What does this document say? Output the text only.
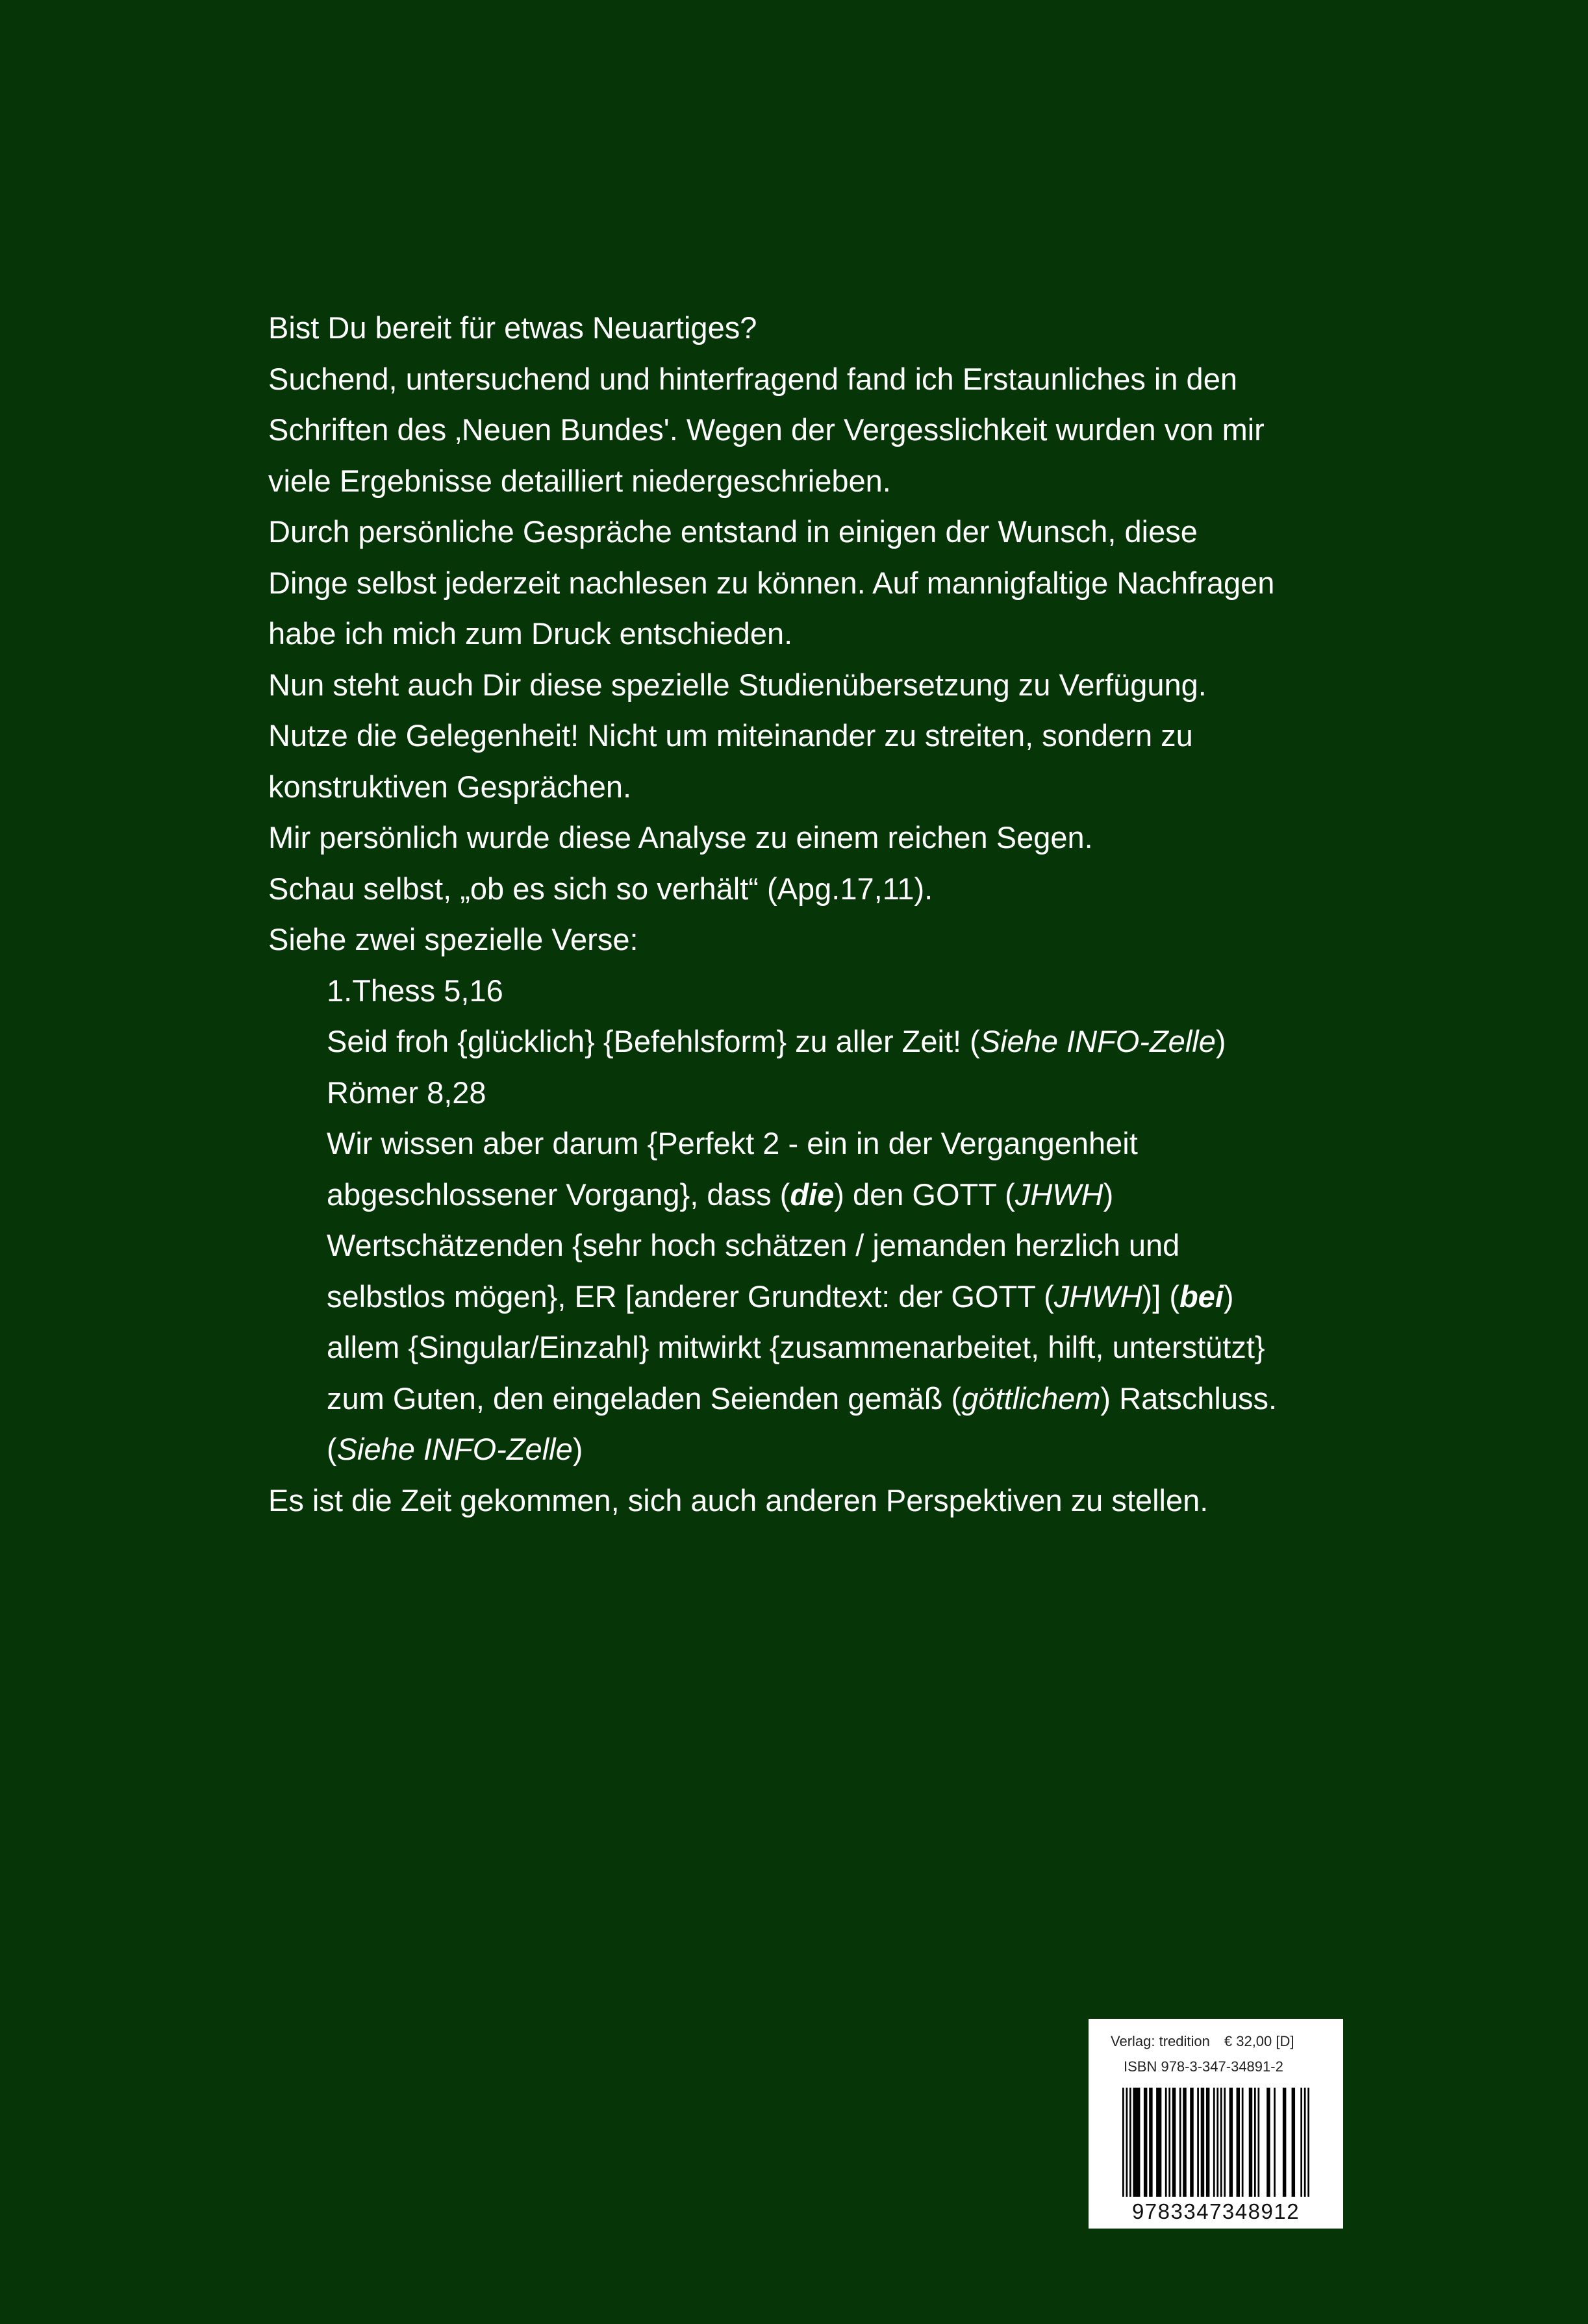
Bist Du bereit für etwas Neuartiges?
Suchend, untersuchend und hinterfragend fand ich Erstaunliches in den
Schriften des ‚Neuen Bundes'. Wegen der Vergesslichkeit wurden von mir
viele Ergebnisse detailliert niedergeschrieben.
Durch persönliche Gespräche entstand in einigen der Wunsch, diese
Dinge selbst jederzeit nachlesen zu können. Auf mannigfaltige Nachfragen
habe ich mich zum Druck entschieden.
Nun steht auch Dir diese spezielle Studienübersetzung zu Verfügung.
Nutze die Gelegenheit! Nicht um miteinander zu streiten, sondern zu
konstruktiven Gesprächen.
Mir persönlich wurde diese Analyse zu einem reichen Segen.
Schau selbst, „ob es sich so verhält“ (Apg.17,11).
Siehe zwei spezielle Verse:
1.Thess 5,16
Seid froh {glücklich} {Befehlsform} zu aller Zeit! (Siehe INFO-Zelle)
Römer 8,28
Wir wissen aber darum {Perfekt 2 - ein in der Vergangenheit
abgeschlossener Vorgang}, dass (die) den GOTT (JHWH)
Wertschätzenden {sehr hoch schätzen / jemanden herzlich und
selbstlos mögen}, ER [anderer Grundtext: der GOTT (JHWH)] (bei)
allem {Singular/Einzahl} mitwirkt {zusammenarbeitet, hilft, unterstützt}
zum Guten, den eingeladen Seienden gemäß (göttlichem) Ratschluss.
(Siehe INFO-Zelle)
Es ist die Zeit gekommen, sich auch anderen Perspektiven zu stellen.
Verlag: tredition € 32,00 [D]
ISBN 978-3-347-34891-2
9783347348912
